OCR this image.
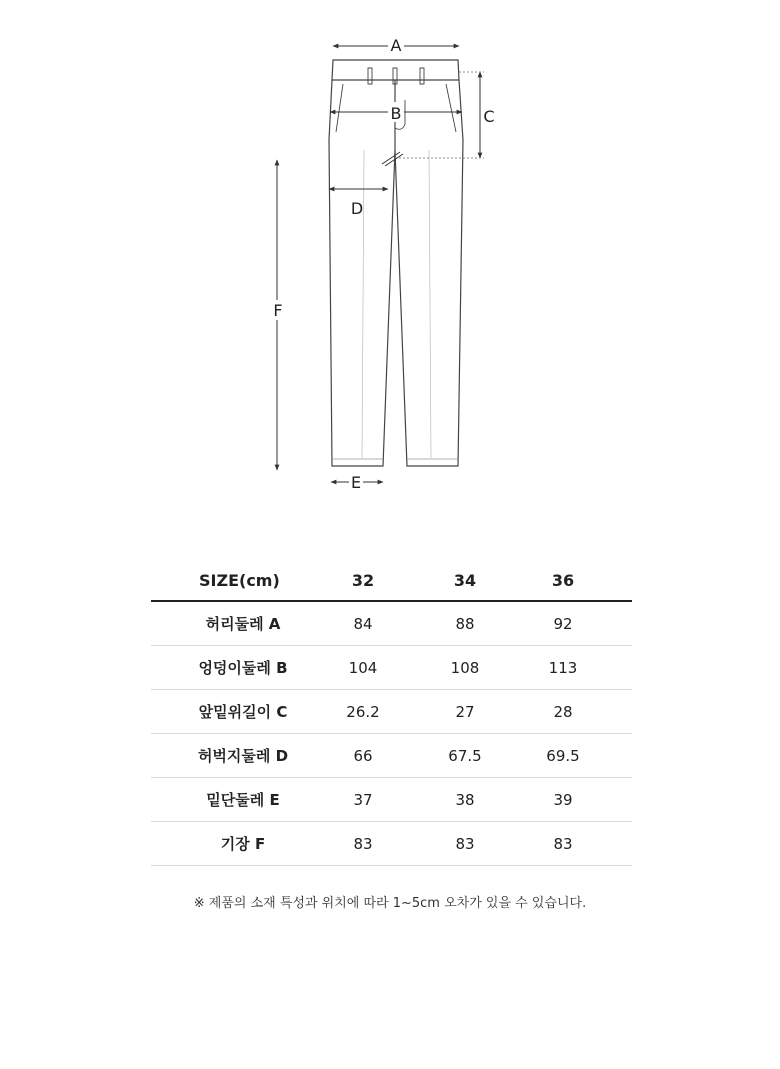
A
B	C
D
F
E
SIZE(cm)	32	34	36
허리둘레 A	84	88	92
엉덩이둘레 B	104	108	113
앞밑위길이 C	26.2	27	28
허벅지둘레 D	66	67.5	69.5
밑단둘레 E	37	38	39
기장 F	83	83	83
※ 제품의 소재 특성과 위치에 따라 1~5cm 오차가 있을 수 있습니다.
